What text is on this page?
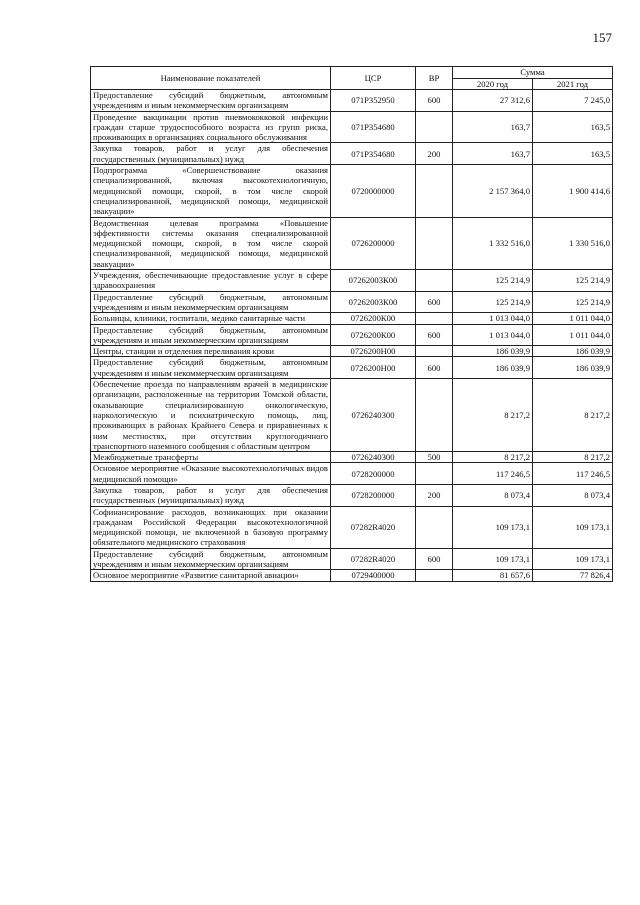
157
Наименование показателей	ЦСР	ВР	Сумма	
			2020 год	2021 год
Предоставление субсидий бюджетным, автономным учреждениям и иным некоммерческим организациям	071Р352950	600	27 312,6	7 245,0
Проведение вакцинации против пневмококковой инфекции граждан старше трудоспособного возраста из групп риска, проживающих в организациях социального обслуживания	071Р354680		163,7	163,5
Закупка товаров, работ и услуг для обеспечения государственных (муниципальных) нужд	071Р354680	200	163,7	163,5
Подпрограмма «Совершенствование оказания специализированной, включая высокотехнологичную, медицинской помощи, скорой, в том числе скорой специализированной, медицинской помощи, медицинской эвакуации»	0720000000		2 157 364,0	1 900 414,6
Ведомственная целевая программа «Повышение эффективности системы оказания специализированной медицинской помощи, скорой, в том числе скорой специализированной, медицинской помощи, медицинской эвакуации»	0726200000		1 332 516,0	1 330 516,0
Учреждения, обеспечивающие предоставление услуг в сфере здравоохранения	07262003К00		125 214,9	125 214,9
Предоставление субсидий бюджетным, автономным учреждениям и иным некоммерческим организациям	07262003К00	600	125 214,9	125 214,9
Больницы, клиники, госпитали, медико санитарные части	0726200К00		1 013 044,0	1 011 044,0
Предоставление субсидий бюджетным, автономным учреждениям и иным некоммерческим организациям	0726200К00	600	1 013 044,0	1 011 044,0
Центры, станции и отделения переливания крови	0726200Н00		186 039,9	186 039,9
Предоставление субсидий бюджетным, автономным учреждениям и иным некоммерческим организациям	0726200Н00	600	186 039,9	186 039,9
Обеспечение проезда по направлениям врачей в медицинские организации, расположенные на территории Томской области, оказывающие специализированную онкологическую, наркологическую и психиатрическую помощь, лиц, проживающих в районах Крайнего Севера и приравненных к ним местностях, при отсутствии круглогодичного транспортного наземного сообщения с областным центром	0726240300		8 217,2	8 217,2
Межбюджетные трансферты	0726240300	500	8 217,2	8 217,2
Основное мероприятие «Оказание высокотехнологичных видов медицинской помощи»	0728200000		117 246,5	117 246,5
Закупка товаров, работ и услуг для обеспечения государственных (муниципальных) нужд	0728200000	200	8 073,4	8 073,4
Софинансирование расходов, возникающих при оказании гражданам Российской Федерации высокотехнологичной медицинской помощи, не включенной в базовую программу обязательного медицинского страхования	07282R4020		109 173,1	109 173,1
Предоставление субсидий бюджетным, автономным учреждениям и иным некоммерческим организациям	07282R4020	600	109 173,1	109 173,1
Основное мероприятие «Развитие санитарной авиации»	0729400000		81 657,6	77 826,4
